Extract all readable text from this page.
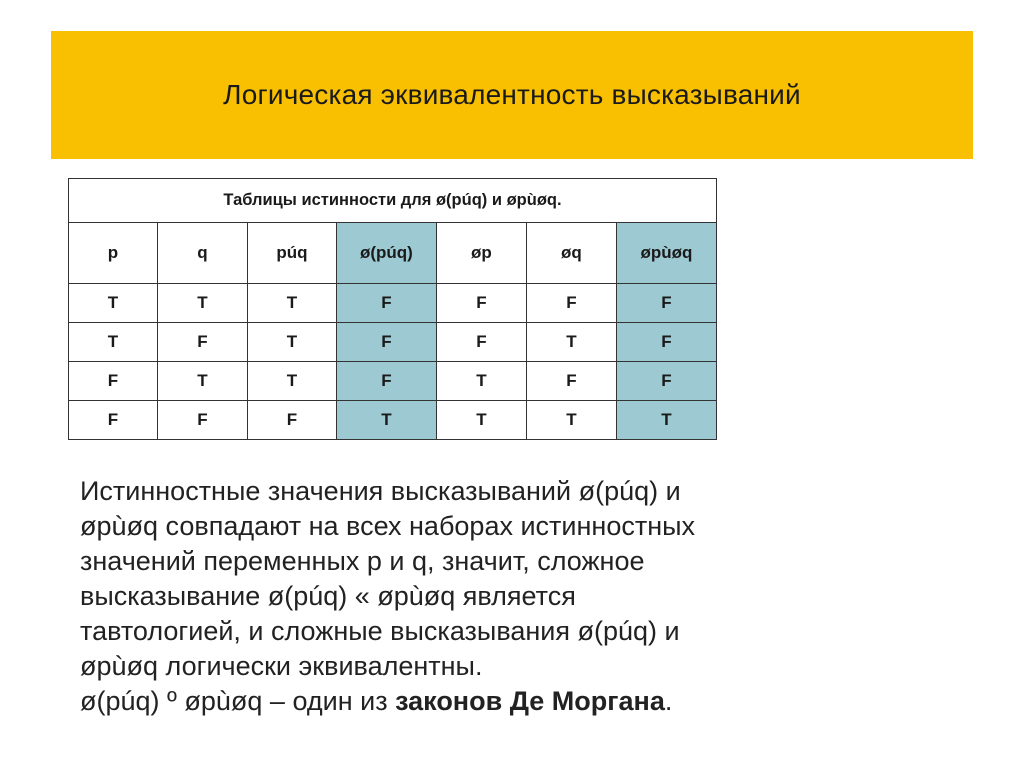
Логическая эквивалентность высказываний
Таблицы истинности для ø(púq) и øpùøq.						
p	q	púq	ø(púq)	øp	øq	øpùøq
T	T	T	F	F	F	F
T	F	T	F	F	T	F
F	T	T	F	T	F	F
F	F	F	T	T	T	T

Истинностные значения высказываний ø(púq) и

øpùøq совпадают на всех наборах истинностных

значений переменных p и q, значит, сложное

высказывание ø(púq) « øpùøq является

тавтологией, и сложные высказывания ø(púq) и

øpùøq логически эквивалентны.

ø(púq) º øpùøq – один из законов Де Моргана.
